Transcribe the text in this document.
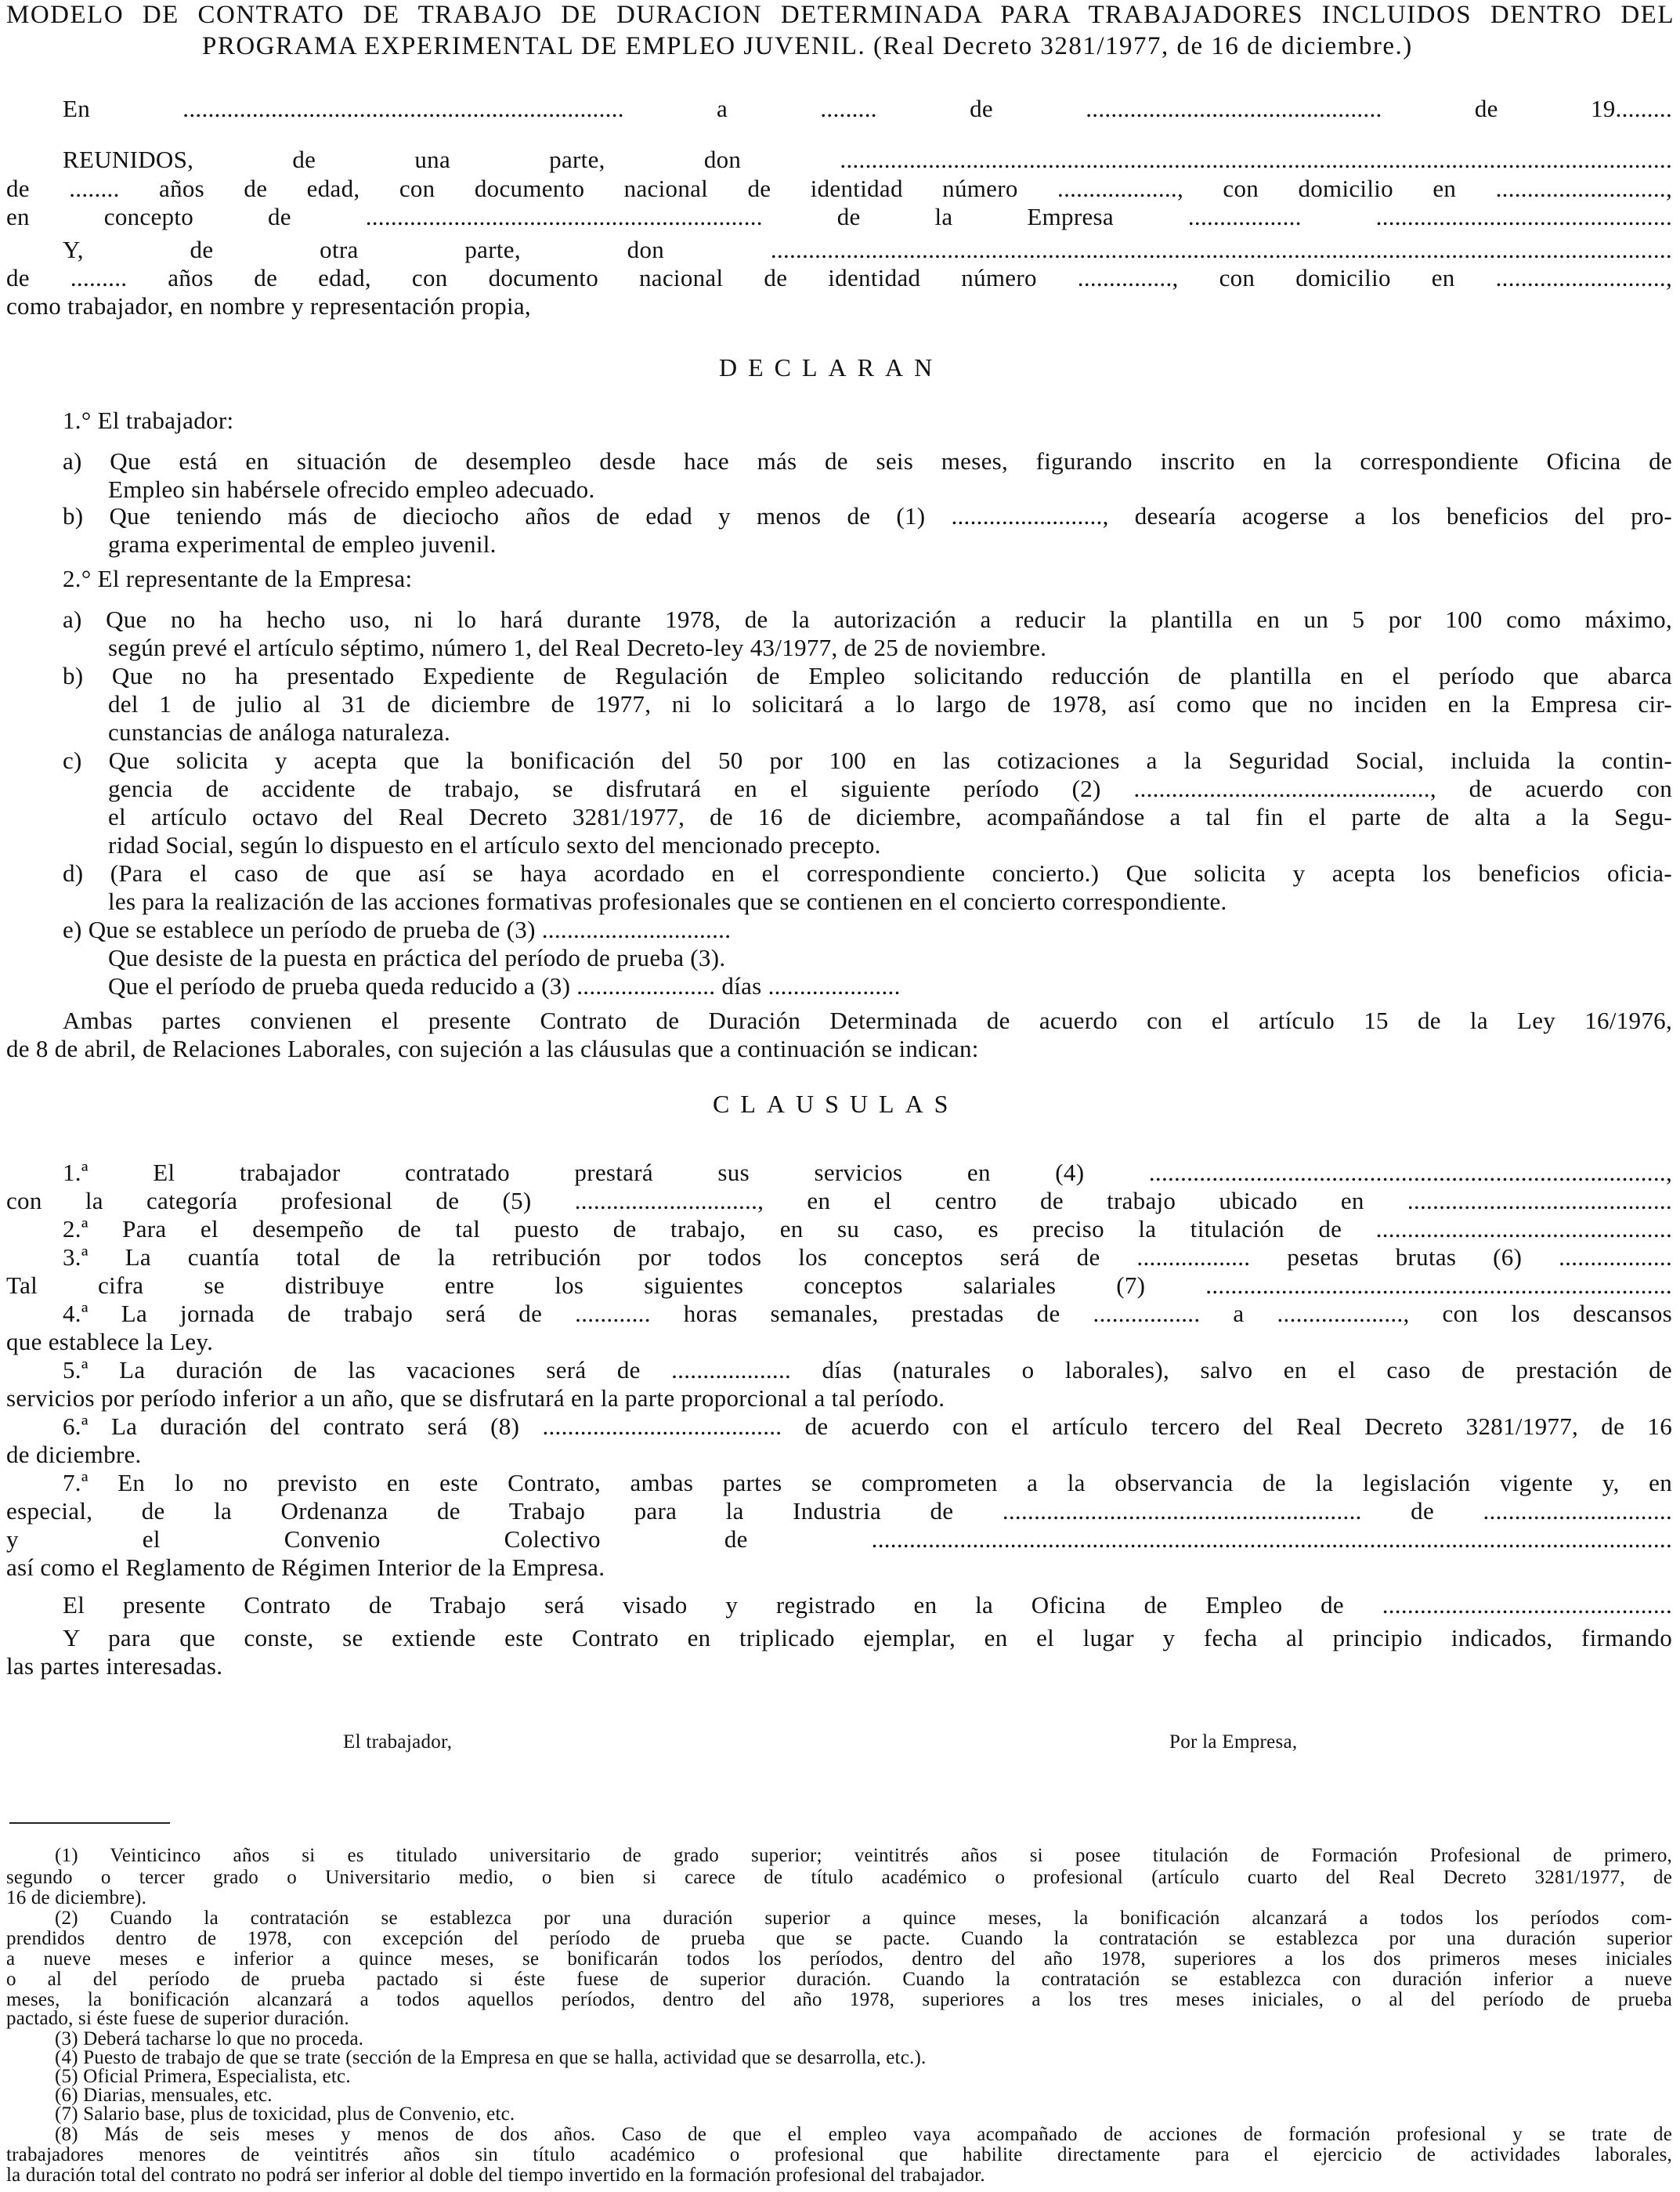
MODELO DE CONTRATO DE TRABAJO DE DURACION DETERMINADA PARA TRABAJADORES INCLUIDOS DENTRO DEL
PROGRAMA EXPERIMENTAL DE EMPLEO JUVENIL. (Real Decreto 3281/1977, de 16 de diciembre.)
En ...................................................................... a ......... de ............................................... de 19.........
REUNIDOS, de una parte, don ....................................................................................................................................
de ........ años de edad, con documento nacional de identidad número ..................., con domicilio en ...........................,
en concepto de ............................................................... de la Empresa .................. ...............................................
Y, de otra parte, don ...............................................................................................................................................
de ......... años de edad, con documento nacional de identidad número ..............., con domicilio en ...........................,
como trabajador, en nombre y representación propia,
DECLARAN
1.° El trabajador:
a) Que está en situación de desempleo desde hace más de seis meses, figurando inscrito en la correspondiente Oficina de
Empleo sin habérsele ofrecido empleo adecuado.
b) Que teniendo más de dieciocho años de edad y menos de (1) ........................, desearía acogerse a los beneficios del pro-
grama experimental de empleo juvenil.
2.° El representante de la Empresa:
a) Que no ha hecho uso, ni lo hará durante 1978, de la autorización a reducir la plantilla en un 5 por 100 como máximo,
según prevé el artículo séptimo, número 1, del Real Decreto-ley 43/1977, de 25 de noviembre.
b) Que no ha presentado Expediente de Regulación de Empleo solicitando reducción de plantilla en el período que abarca
del 1 de julio al 31 de diciembre de 1977, ni lo solicitará a lo largo de 1978, así como que no inciden en la Empresa cir-
cunstancias de análoga naturaleza.
c) Que solicita y acepta que la bonificación del 50 por 100 en las cotizaciones a la Seguridad Social, incluida la contin-
gencia de accidente de trabajo, se disfrutará en el siguiente período (2) ..............................................., de acuerdo con
el artículo octavo del Real Decreto 3281/1977, de 16 de diciembre, acompañándose a tal fin el parte de alta a la Segu-
ridad Social, según lo dispuesto en el artículo sexto del mencionado precepto.
d) (Para el caso de que así se haya acordado en el correspondiente concierto.) Que solicita y acepta los beneficios oficia-
les para la realización de las acciones formativas profesionales que se contienen en el concierto correspondiente.
e) Que se establece un período de prueba de (3) ..............................
Que desiste de la puesta en práctica del período de prueba (3).
Que el período de prueba queda reducido a (3) ...................... días .....................
Ambas partes convienen el presente Contrato de Duración Determinada de acuerdo con el artículo 15 de la Ley 16/1976,
de 8 de abril, de Relaciones Laborales, con sujeción a las cláusulas que a continuación se indican:
CLAUSULAS
1.ª El trabajador contratado prestará sus servicios en (4) ..................................................................................,
con la categoría profesional de (5) ............................., en el centro de trabajo ubicado en ..........................................
2.ª Para el desempeño de tal puesto de trabajo, en su caso, es preciso la titulación de ...............................................
3.ª La cuantía total de la retribución por todos los conceptos será de .................. pesetas brutas (6) ..................
Tal cifra se distribuye entre los siguientes conceptos salariales (7) ..........................................................................
4.ª La jornada de trabajo será de ............ horas semanales, prestadas de ................. a ...................., con los descansos
que establece la Ley.
5.ª La duración de las vacaciones será de ................... días (naturales o laborales), salvo en el caso de prestación de
servicios por período inferior a un año, que se disfrutará en la parte proporcional a tal período.
6.ª La duración del contrato será (8) ...................................... de acuerdo con el artículo tercero del Real Decreto 3281/1977, de 16
de diciembre.
7.ª En lo no previsto en este Contrato, ambas partes se comprometen a la observancia de la legislación vigente y, en
especial, de la Ordenanza de Trabajo para la Industria de ......................................................... de ..............................
y el Convenio Colectivo de ...............................................................................................................................
así como el Reglamento de Régimen Interior de la Empresa.
El presente Contrato de Trabajo será visado y registrado en la Oficina de Empleo de ..............................................
Y para que conste, se extiende este Contrato en triplicado ejemplar, en el lugar y fecha al principio indicados, firmando
las partes interesadas.
El trabajador,	Por la Empresa,
(1) Veinticinco años si es titulado universitario de grado superior; veintitrés años si posee titulación de Formación Profesional de primero,
segundo o tercer grado o Universitario medio, o bien si carece de título académico o profesional (artículo cuarto del Real Decreto 3281/1977, de
16 de diciembre).
(2) Cuando la contratación se establezca por una duración superior a quince meses, la bonificación alcanzará a todos los períodos com-
prendidos dentro de 1978, con excepción del período de prueba que se pacte. Cuando la contratación se establezca por una duración superior
a nueve meses e inferior a quince meses, se bonificarán todos los períodos, dentro del año 1978, superiores a los dos primeros meses iniciales
o al del período de prueba pactado si éste fuese de superior duración. Cuando la contratación se establezca con duración inferior a nueve
meses, la bonificación alcanzará a todos aquellos períodos, dentro del año 1978, superiores a los tres meses iniciales, o al del período de prueba
pactado, si éste fuese de superior duración.
(3) Deberá tacharse lo que no proceda.
(4) Puesto de trabajo de que se trate (sección de la Empresa en que se halla, actividad que se desarrolla, etc.).
(5) Oficial Primera, Especialista, etc.
(6) Diarias, mensuales, etc.
(7) Salario base, plus de toxicidad, plus de Convenio, etc.
(8) Más de seis meses y menos de dos años. Caso de que el empleo vaya acompañado de acciones de formación profesional y se trate de
trabajadores menores de veintitrés años sin título académico o profesional que habilite directamente para el ejercicio de actividades laborales,
la duración total del contrato no podrá ser inferior al doble del tiempo invertido en la formación profesional del trabajador.
